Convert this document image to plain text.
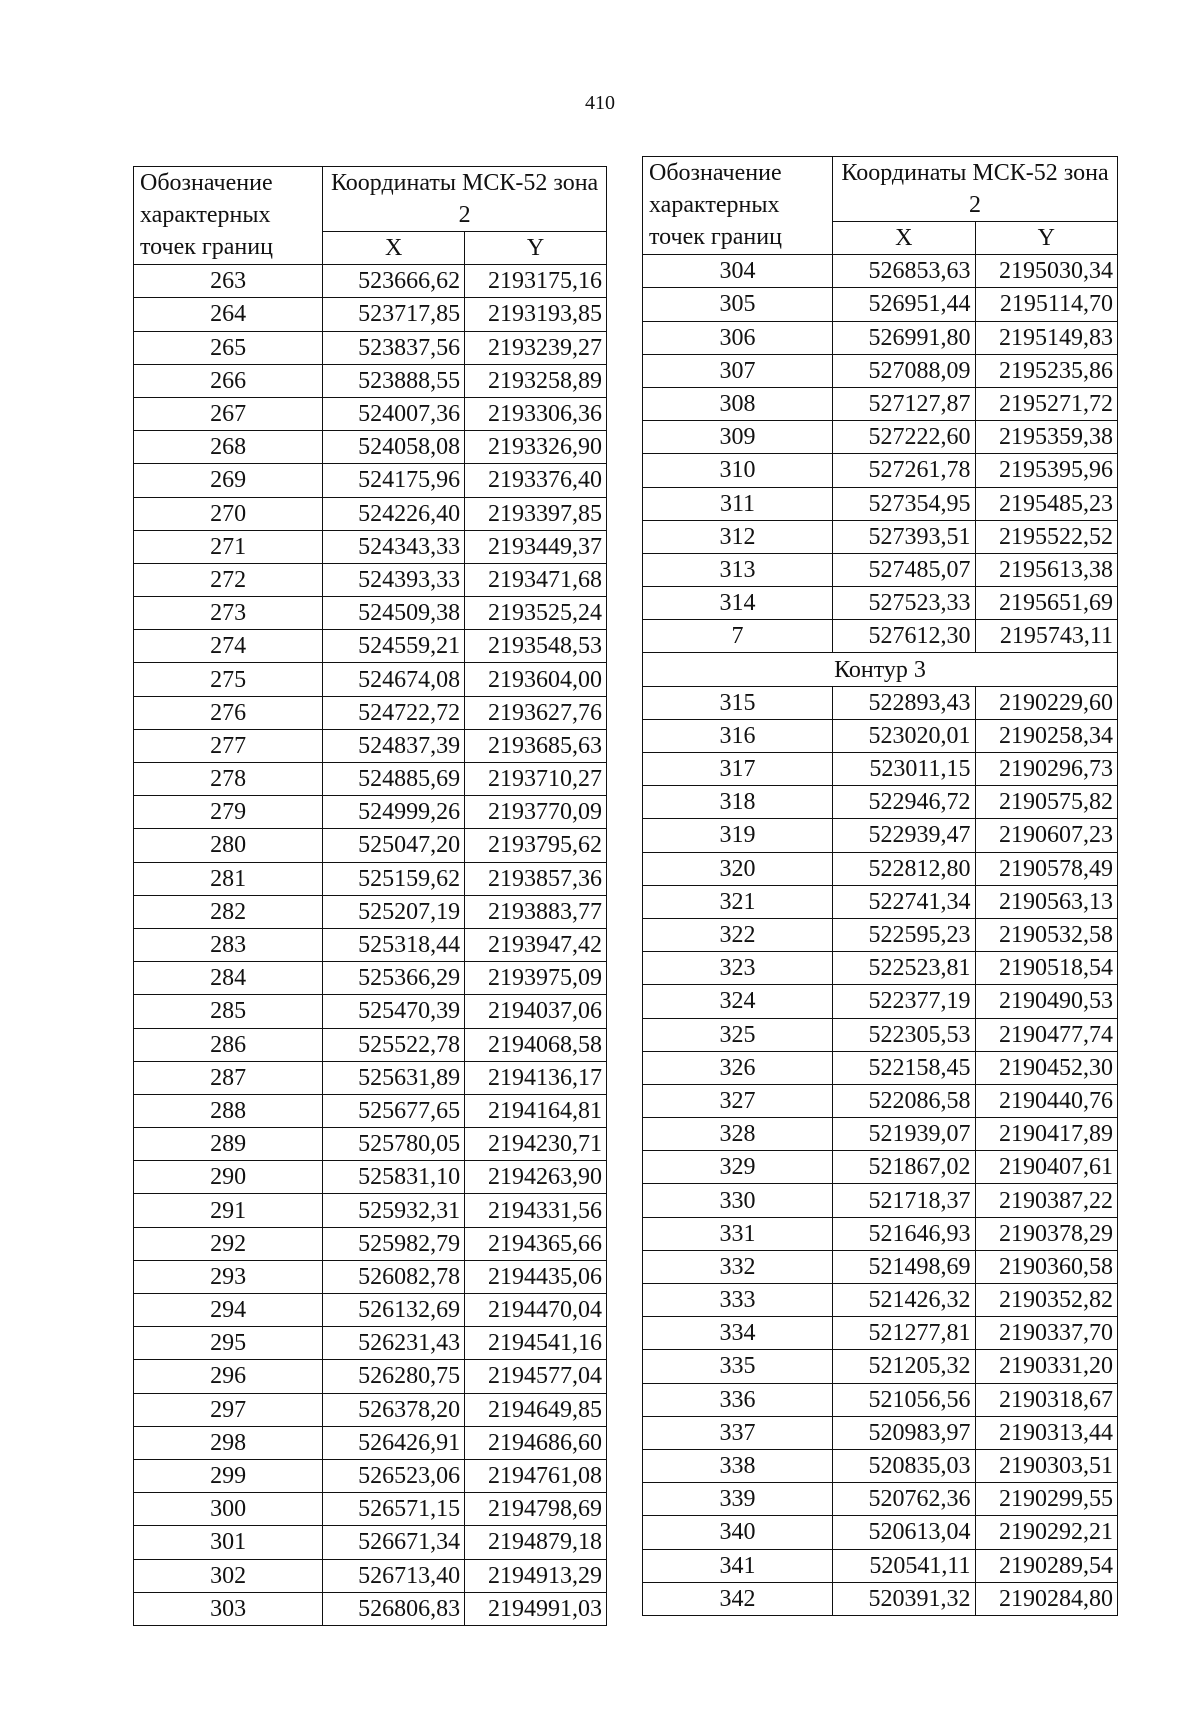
410
Обозначение характерных точек границ	Координаты МСК-52 зона 2	
	X	Y
263	523666,62	2193175,16
264	523717,85	2193193,85
265	523837,56	2193239,27
266	523888,55	2193258,89
267	524007,36	2193306,36
268	524058,08	2193326,90
269	524175,96	2193376,40
270	524226,40	2193397,85
271	524343,33	2193449,37
272	524393,33	2193471,68
273	524509,38	2193525,24
274	524559,21	2193548,53
275	524674,08	2193604,00
276	524722,72	2193627,76
277	524837,39	2193685,63
278	524885,69	2193710,27
279	524999,26	2193770,09
280	525047,20	2193795,62
281	525159,62	2193857,36
282	525207,19	2193883,77
283	525318,44	2193947,42
284	525366,29	2193975,09
285	525470,39	2194037,06
286	525522,78	2194068,58
287	525631,89	2194136,17
288	525677,65	2194164,81
289	525780,05	2194230,71
290	525831,10	2194263,90
291	525932,31	2194331,56
292	525982,79	2194365,66
293	526082,78	2194435,06
294	526132,69	2194470,04
295	526231,43	2194541,16
296	526280,75	2194577,04
297	526378,20	2194649,85
298	526426,91	2194686,60
299	526523,06	2194761,08
300	526571,15	2194798,69
301	526671,34	2194879,18
302	526713,40	2194913,29
303	526806,83	2194991,03
Обозначение характерных точек границ	Координаты МСК-52 зона 2	
	X	Y
304	526853,63	2195030,34
305	526951,44	2195114,70
306	526991,80	2195149,83
307	527088,09	2195235,86
308	527127,87	2195271,72
309	527222,60	2195359,38
310	527261,78	2195395,96
311	527354,95	2195485,23
312	527393,51	2195522,52
313	527485,07	2195613,38
314	527523,33	2195651,69
7	527612,30	2195743,11
Контур 3		
315	522893,43	2190229,60
316	523020,01	2190258,34
317	523011,15	2190296,73
318	522946,72	2190575,82
319	522939,47	2190607,23
320	522812,80	2190578,49
321	522741,34	2190563,13
322	522595,23	2190532,58
323	522523,81	2190518,54
324	522377,19	2190490,53
325	522305,53	2190477,74
326	522158,45	2190452,30
327	522086,58	2190440,76
328	521939,07	2190417,89
329	521867,02	2190407,61
330	521718,37	2190387,22
331	521646,93	2190378,29
332	521498,69	2190360,58
333	521426,32	2190352,82
334	521277,81	2190337,70
335	521205,32	2190331,20
336	521056,56	2190318,67
337	520983,97	2190313,44
338	520835,03	2190303,51
339	520762,36	2190299,55
340	520613,04	2190292,21
341	520541,11	2190289,54
342	520391,32	2190284,80
